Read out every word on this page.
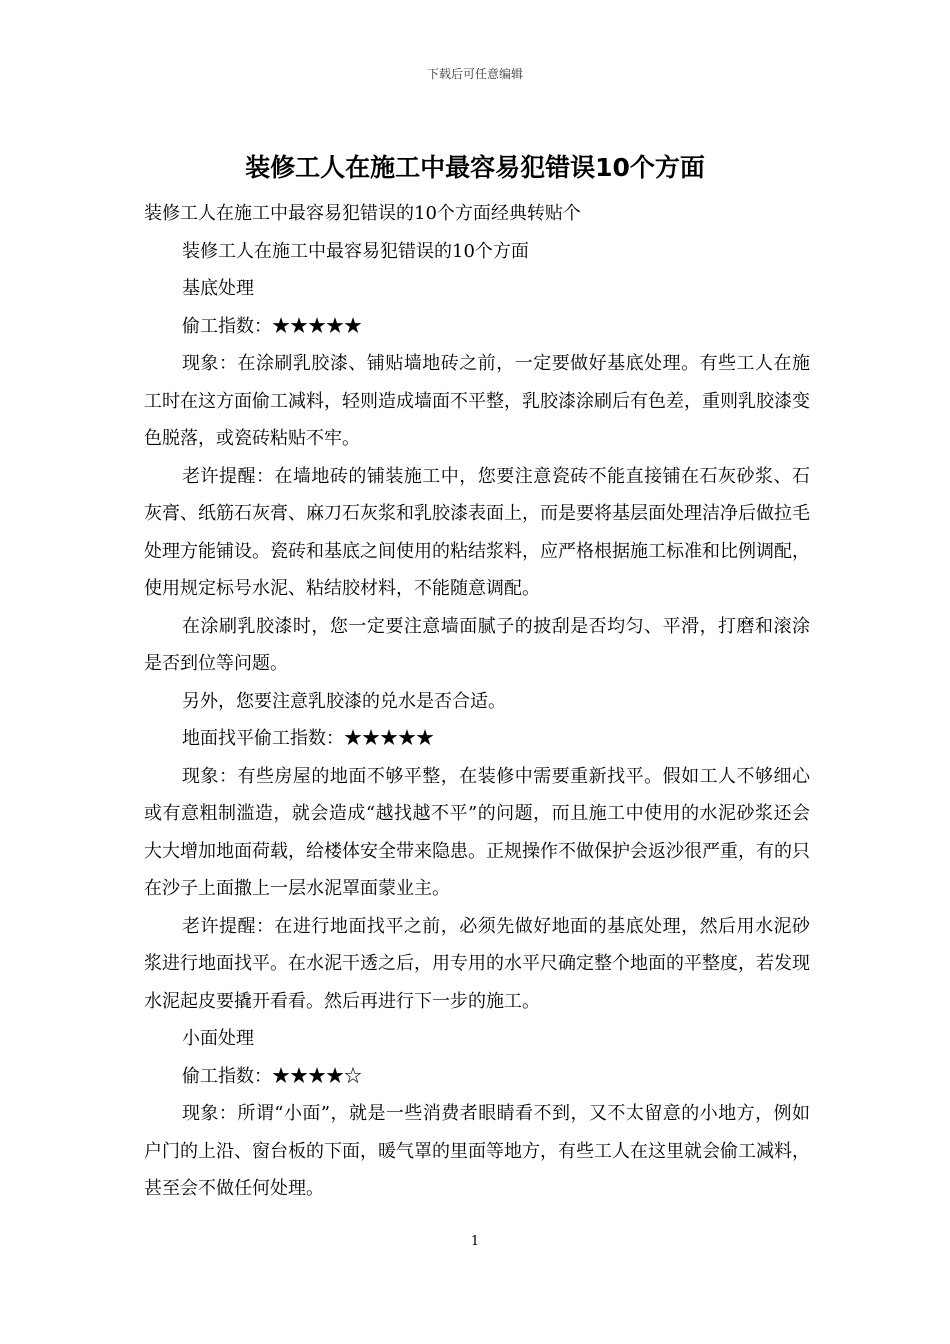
下载后可任意编辑
装修工人在施工中最容易犯错误10个方面

装修工人在施工中最容易犯错误的10个方面经典转贴个

装修工人在施工中最容易犯错误的10个方面

基底处理

偷工指数：★★★★★

现象：在涂刷乳胶漆、铺贴墙地砖之前，一定要做好基底处理。有些工人在施工时在这方面偷工减料，轻则造成墙面不平整，乳胶漆涂刷后有色差，重则乳胶漆变色脱落，或瓷砖粘贴不牢。

老许提醒：在墙地砖的铺装施工中，您要注意瓷砖不能直接铺在石灰砂浆、石灰膏、纸筋石灰膏、麻刀石灰浆和乳胶漆表面上，而是要将基层面处理洁净后做拉毛处理方能铺设。瓷砖和基底之间使用的粘结浆料，应严格根据施工标准和比例调配，使用规定标号水泥、粘结胶材料，不能随意调配。

在涂刷乳胶漆时，您一定要注意墙面腻子的披刮是否均匀、平滑，打磨和滚涂是否到位等问题。

另外，您要注意乳胶漆的兑水是否合适。

地面找平偷工指数：★★★★★

现象：有些房屋的地面不够平整，在装修中需要重新找平。假如工人不够细心或有意粗制滥造，就会造成“越找越不平”的问题，而且施工中使用的水泥砂浆还会大大增加地面荷载，给楼体安全带来隐患。正规操作不做保护会返沙很严重，有的只在沙子上面撒上一层水泥罩面蒙业主。

老许提醒：在进行地面找平之前，必须先做好地面的基底处理，然后用水泥砂浆进行地面找平。在水泥干透之后，用专用的水平尺确定整个地面的平整度，若发现水泥起皮要撬开看看。然后再进行下一步的施工。

小面处理

偷工指数：★★★★☆

现象：所谓“小面”，就是一些消费者眼睛看不到，又不太留意的小地方，例如户门的上沿、窗台板的下面，暖气罩的里面等地方，有些工人在这里就会偷工减料，甚至会不做任何处理。

1
